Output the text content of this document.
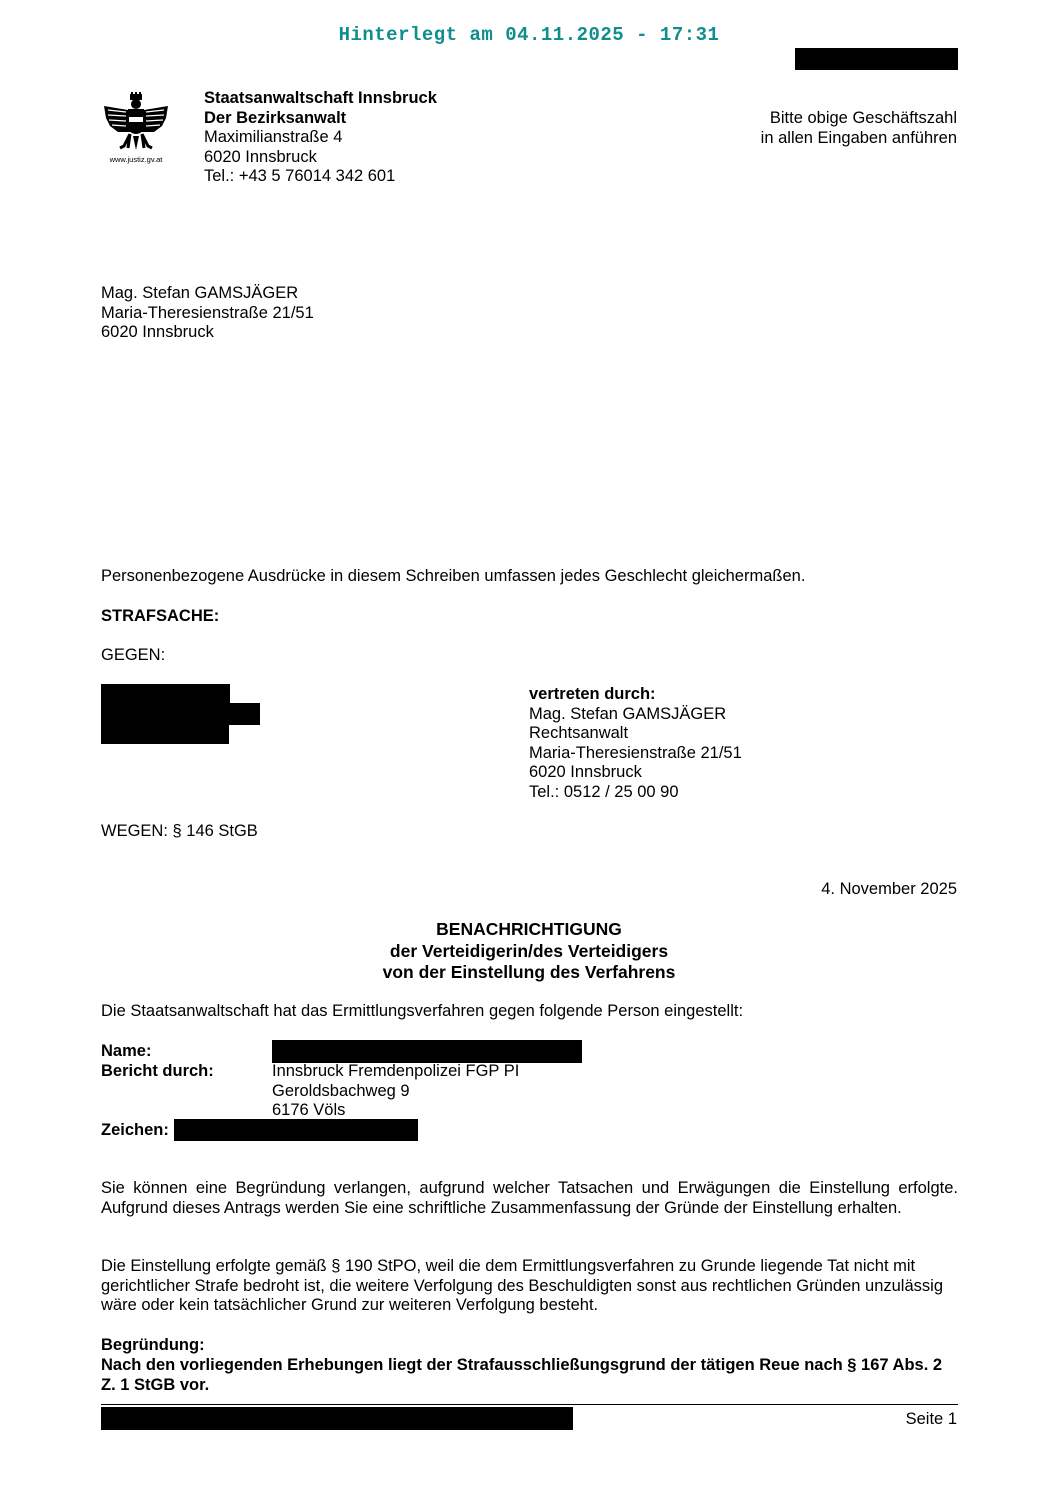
Hinterlegt am 04.11.2025 - 17:31
www.justiz.gv.at
Staatsanwaltschaft Innsbruck
Der Bezirksanwalt
Maximilianstraße 4
6020 Innsbruck
Tel.: +43 5 76014 342 601
Bitte obige Geschäftszahl
in allen Eingaben anführen
Mag. Stefan GAMSJÄGER
Maria-Theresienstraße 21/51
6020 Innsbruck
Personenbezogene Ausdrücke in diesem Schreiben umfassen jedes Geschlecht gleichermaßen.
STRAFSACHE:
GEGEN:
vertreten durch:
Mag. Stefan GAMSJÄGER
Rechtsanwalt
Maria-Theresienstraße 21/51
6020 Innsbruck
Tel.: 0512 / 25 00 90
WEGEN: § 146 StGB
4. November 2025
BENACHRICHTIGUNG
der Verteidigerin/des Verteidigers
von der Einstellung des Verfahrens
Die Staatsanwaltschaft hat das Ermittlungsverfahren gegen folgende Person eingestellt:
Name:
Bericht durch:	Innsbruck Fremdenpolizei FGP PI
Geroldsbachweg 9
6176 Völs
Zeichen:
Sie können eine Begründung verlangen, aufgrund welcher Tatsachen und Erwägungen die Einstellung erfolgte. Aufgrund dieses Antrags werden Sie eine schriftliche Zusammenfassung der Gründe der Einstellung erhalten.
Die Einstellung erfolgte gemäß § 190 StPO, weil die dem Ermittlungsverfahren zu Grunde liegende Tat nicht mit gerichtlicher Strafe bedroht ist, die weitere Verfolgung des Beschuldigten sonst aus rechtlichen Gründen unzulässig wäre oder kein tatsächlicher Grund zur weiteren Verfolgung besteht.
Begründung:
Nach den vorliegenden Erhebungen liegt der Strafausschließungsgrund der tätigen Reue nach § 167 Abs. 2 Z. 1 StGB vor.
Seite 1
